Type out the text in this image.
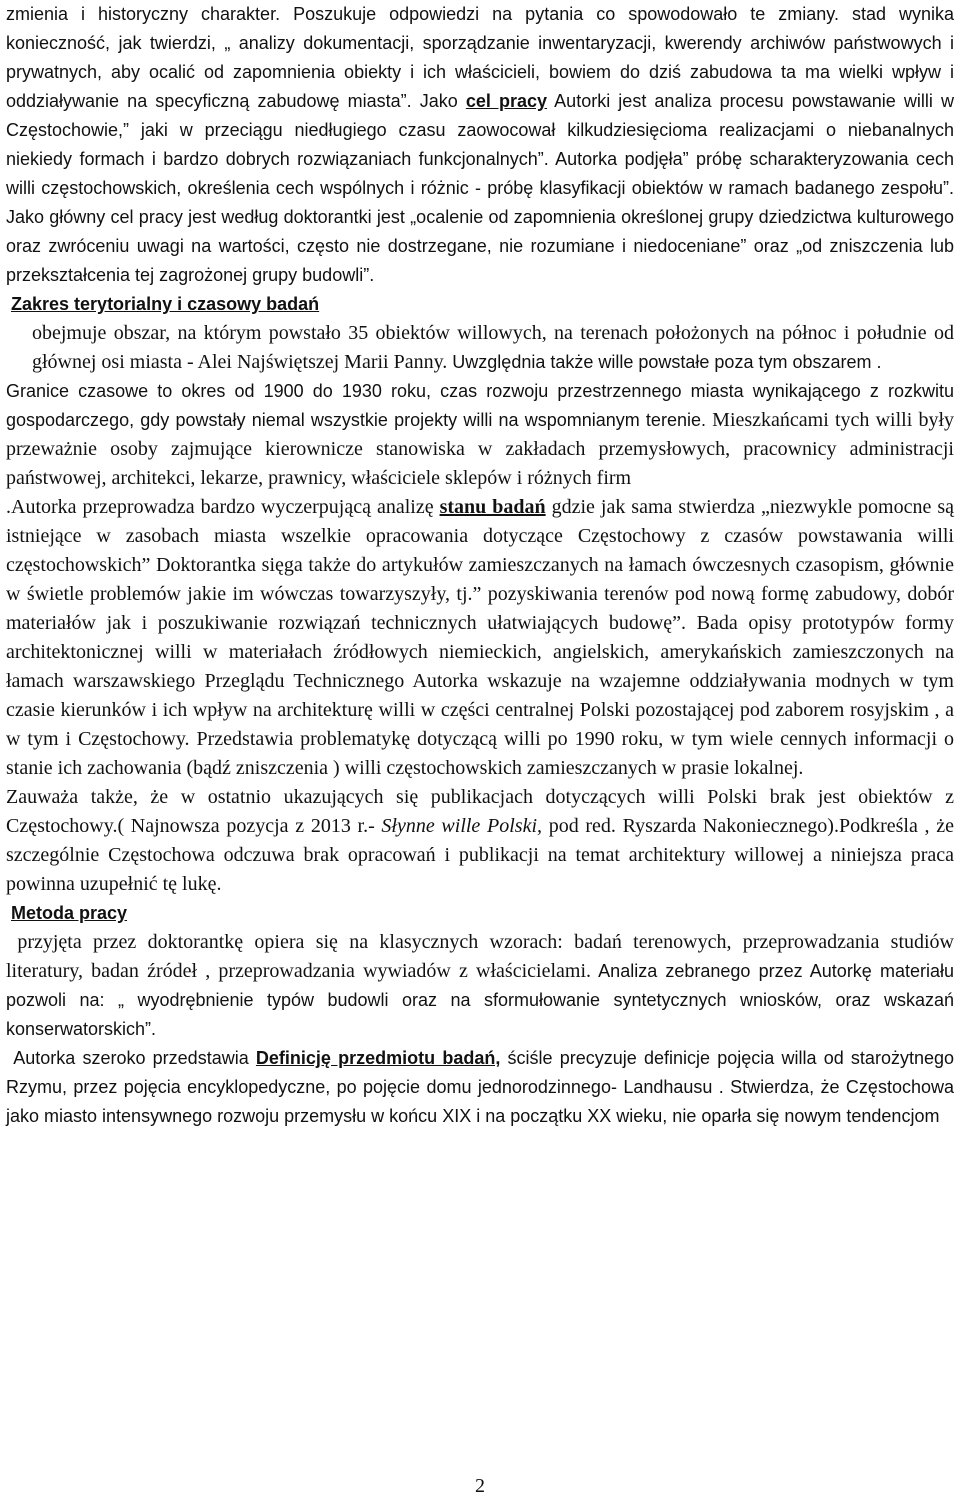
zmienia i historyczny charakter. Poszukuje odpowiedzi na pytania co spowodowało te zmiany. stad wynika konieczność, jak twierdzi, „ analizy dokumentacji, sporządzanie inwentaryzacji, kwerendy archiwów państwowych i prywatnych, aby ocalić od zapomnienia obiekty i ich właścicieli, bowiem do dziś zabudowa ta ma wielki wpływ i oddziaływanie na specyficzną zabudowę miasta”. Jako cel pracy Autorki jest analiza procesu powstawanie willi w Częstochowie,” jaki w przeciągu niedługiego czasu zaowocował kilkudziesięcioma realizacjami o niebanalnych niekiedy formach i bardzo dobrych rozwiązaniach funkcjonalnych”. Autorka podjęła” próbę scharakteryzowania cech willi częstochowskich, określenia cech wspólnych i różnic - próbę klasyfikacji obiektów w ramach badanego zespołu”. Jako główny cel pracy jest według doktorantki jest „ocalenie od zapomnienia określonej grupy dziedzictwa kulturowego oraz zwróceniu uwagi na wartości, często nie dostrzegane, nie rozumiane i niedoceniane” oraz „od zniszczenia lub przekształcenia tej zagrożonej grupy budowli”.

Zakres terytorialny i czasowy badań

obejmuje obszar, na którym powstało 35 obiektów willowych, na terenach położonych na północ i południe od głównej osi miasta - Alei Najświętszej Marii Panny. Uwzględnia także wille powstałe poza tym obszarem .

Granice czasowe to okres od 1900 do 1930 roku, czas rozwoju przestrzennego miasta wynikającego z rozkwitu gospodarczego, gdy powstały niemal wszystkie projekty willi na wspomnianym terenie. Mieszkańcami tych willi były przeważnie osoby zajmujące kierownicze stanowiska w zakładach przemysłowych, pracownicy administracji państwowej, architekci, lekarze, prawnicy, właściciele sklepów i różnych firm

.Autorka przeprowadza bardzo wyczerpującą analizę stanu badań gdzie jak sama stwierdza „niezwykle pomocne są istniejące w zasobach miasta wszelkie opracowania dotyczące Częstochowy z czasów powstawania willi częstochowskich” Doktorantka sięga także do artykułów zamieszczanych na łamach ówczesnych czasopism, głównie w świetle problemów jakie im wówczas towarzyszyły, tj.” pozyskiwania terenów pod nową formę zabudowy, dobór materiałów jak i poszukiwanie rozwiązań technicznych ułatwiających budowę”. Bada opisy prototypów formy architektonicznej willi w materiałach źródłowych niemieckich, angielskich, amerykańskich zamieszczonych na łamach warszawskiego Przeglądu Technicznego Autorka wskazuje na wzajemne oddziaływania modnych w tym czasie kierunków i ich wpływ na architekturę willi w części centralnej Polski pozostającej pod zaborem rosyjskim , a w tym i Częstochowy. Przedstawia problematykę dotyczącą willi po 1990 roku, w tym wiele cennych informacji o stanie ich zachowania (bądź zniszczenia ) willi częstochowskich zamieszczanych w prasie lokalnej.

Zauważa także, że w ostatnio ukazujących się publikacjach dotyczących willi Polski brak jest obiektów z Częstochowy.( Najnowsza pozycja z 2013 r.- Słynne wille Polski, pod red. Ryszarda Nakoniecznego).Podkreśla , że szczególnie Częstochowa odczuwa brak opracowań i publikacji na temat architektury willowej a niniejsza praca powinna uzupełnić tę lukę.

Metoda pracy

przyjęta przez doktorantkę opiera się na klasycznych wzorach: badań terenowych, przeprowadzania studiów literatury, badan źródeł , przeprowadzania wywiadów z właścicielami. Analiza zebranego przez Autorkę materiału pozwoli na: „ wyodrębnienie typów budowli oraz na sformułowanie syntetycznych wniosków, oraz wskazań konserwatorskich”.

Autorka szeroko przedstawia Definicję przedmiotu badań, ściśle precyzuje definicje pojęcia willa od starożytnego Rzymu, przez pojęcia encyklopedyczne, po pojęcie domu jednorodzinnego- Landhausu . Stwierdza, że Częstochowa jako miasto intensywnego rozwoju przemysłu w końcu XIX i na początku XX wieku, nie oparła się nowym tendencjom

2
